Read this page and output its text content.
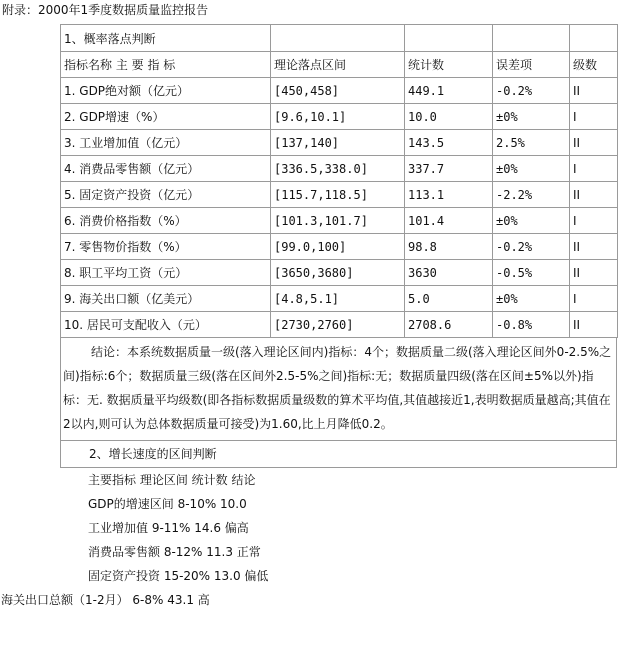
附录：2000年1季度数据质量监控报告
1、概率落点判断				
指标名称 主 要 指 标	理论落点区间	统计数	误差项	级数
1. GDP绝对额（亿元）	[450,458]	449.1	-0.2%	II
2. GDP增速（%）	[9.6,10.1]	10.0	±0%	I
3. 工业增加值（亿元）	[137,140]	143.5	2.5%	II
4. 消费品零售额（亿元）	[336.5,338.0]	337.7	±0%	I
5. 固定资产投资（亿元）	[115.7,118.5]	113.1	-2.2%	II
6. 消费价格指数（%）	[101.3,101.7]	101.4	±0%	I
7. 零售物价指数（%）	[99.0,100]	98.8	-0.2%	II
8. 职工平均工资（元）	[3650,3680]	3630	-0.5%	II
9. 海关出口额（亿美元）	[4.8,5.1]	5.0	±0%	I
10. 居民可支配收入（元）	[2730,2760]	2708.6	-0.8%	II

结论：本系统数据质量一级(落入理论区间内)指标：4个；数据质量二级(落入理论区间外0-2.5%之间)指标:6个；数据质量三级(落在区间外2.5-5%之间)指标:无；数据质量四级(落在区间±5%以外)指标：无. 数据质量平均级数(即各指标数据质量级数的算术平均值,其值越接近1,表明数据质量越高;其值在2以内,则可认为总体数据质量可接受)为1.60,比上月降低0.2。

2、增长速度的区间判断
主要指标 理论区间 统计数 结论
GDP的增速区间 8-10% 10.0
工业增加值 9-11% 14.6 偏高
消费品零售额 8-12% 11.3 正常
固定资产投资 15-20% 13.0 偏低
海关出口总额（1-2月） 6-8% 43.1 高
